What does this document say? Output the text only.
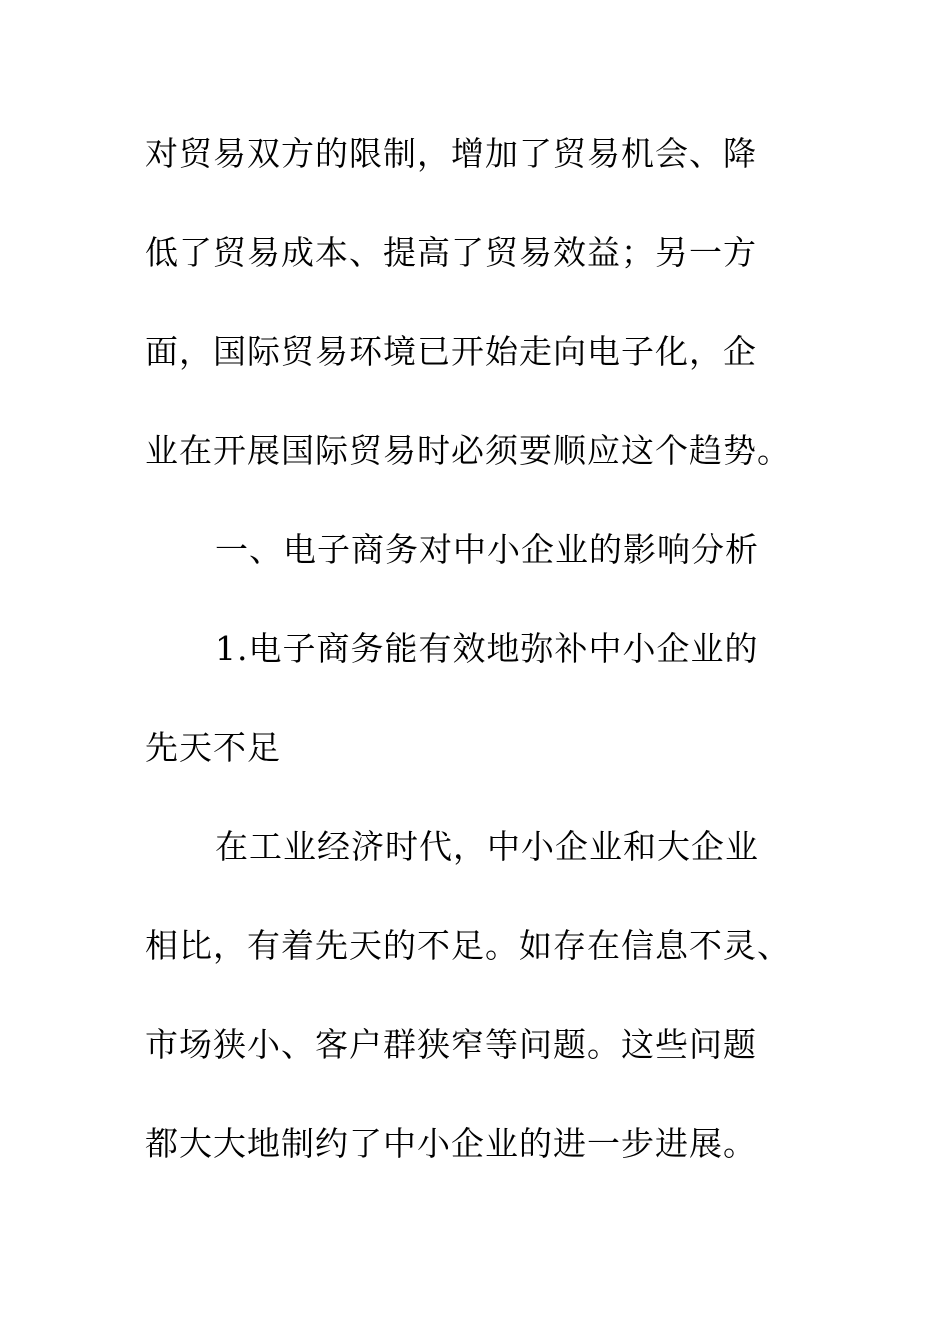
对贸易双方的限制，增加了贸易机会、降
低了贸易成本、提高了贸易效益；另一方
面，国际贸易环境已开始走向电子化，企
业在开展国际贸易时必须要顺应这个趋势。
一、电子商务对中小企业的影响分析
1.电子商务能有效地弥补中小企业的
先天不足
在工业经济时代，中小企业和大企业
相比，有着先天的不足。如存在信息不灵、
市场狭小、客户群狭窄等问题。这些问题
都大大地制约了中小企业的进一步进展。
